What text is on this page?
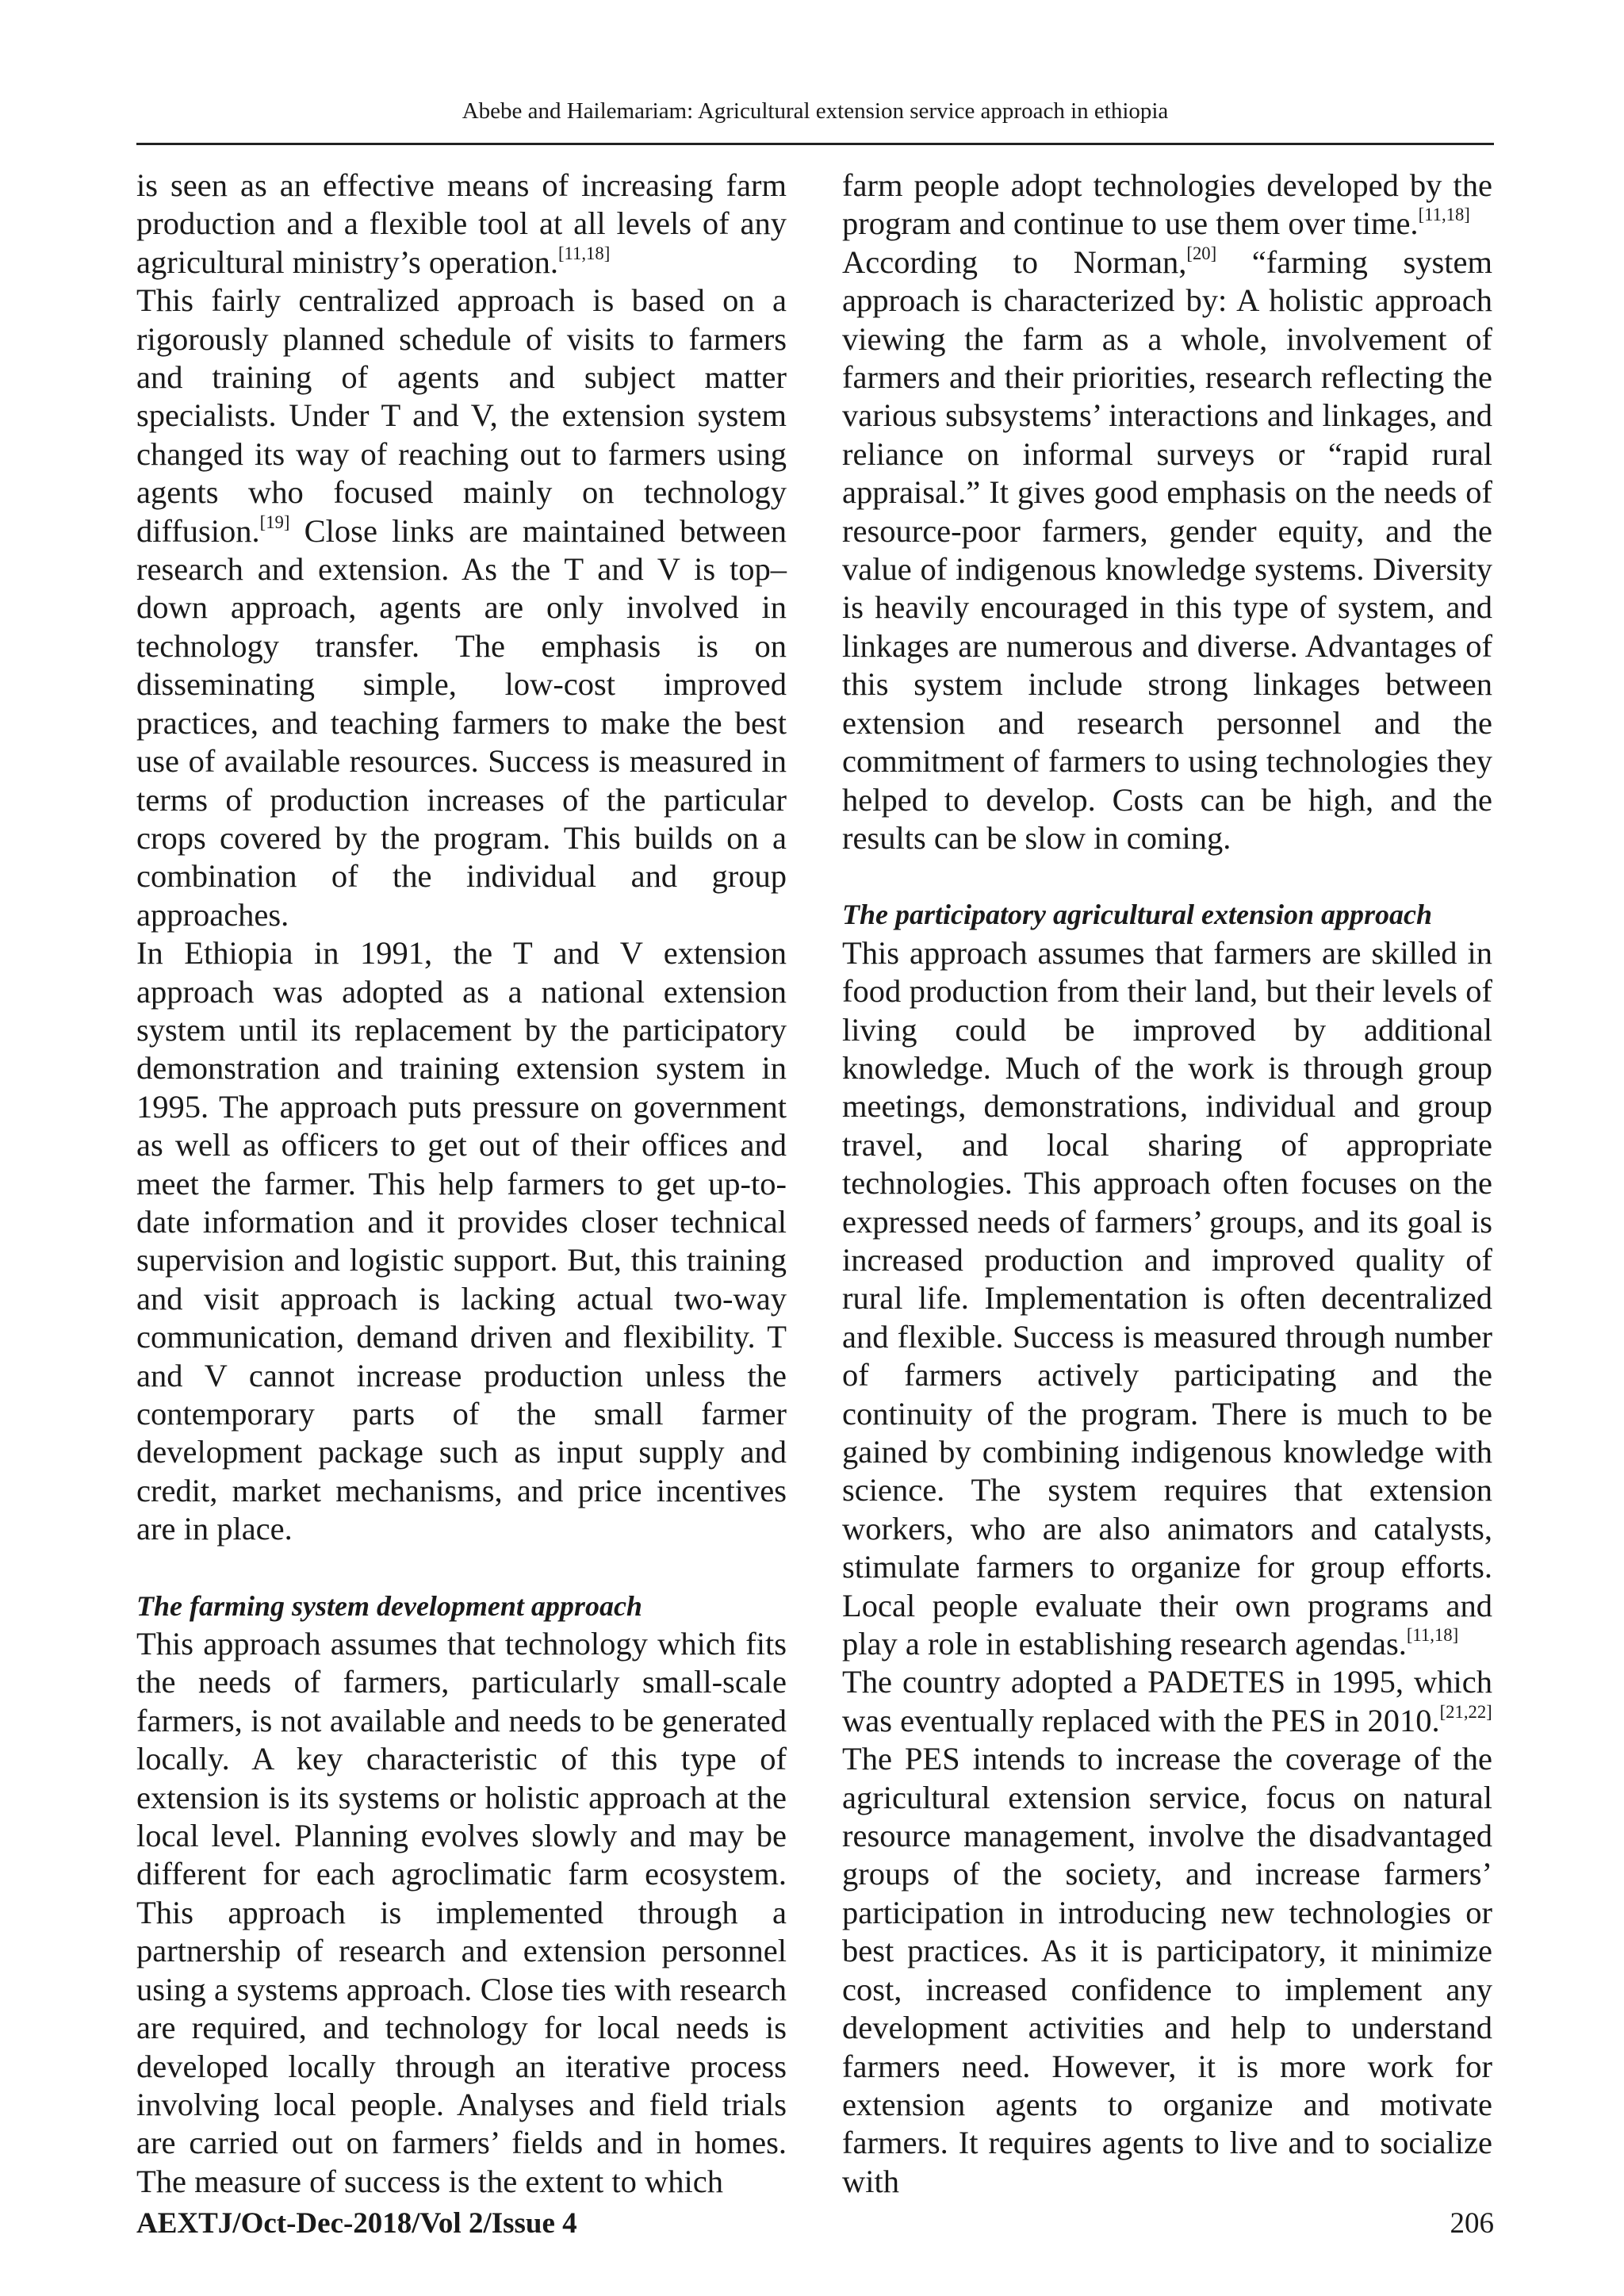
Abebe and Hailemariam: Agricultural extension service approach in ethiopia

is seen as an effective means of increasing farm production and a flexible tool at all levels of any agricultural ministry’s operation.[11,18]

This fairly centralized approach is based on a rigorously planned schedule of visits to farmers and training of agents and subject matter specialists. Under T and V, the extension system changed its way of reaching out to farmers using agents who focused mainly on technology diffusion.[19] Close links are maintained between research and extension. As the T and V is top–down approach, agents are only involved in technology transfer. The emphasis is on disseminating simple, low-cost improved practices, and teaching farmers to make the best use of available resources. Success is measured in terms of production increases of the particular crops covered by the program. This builds on a combination of the individual and group approaches.

In Ethiopia in 1991, the T and V extension approach was adopted as a national extension system until its replacement by the participatory demonstration and training extension system in 1995. The approach puts pressure on government as well as officers to get out of their offices and meet the farmer. This help farmers to get up-to-date information and it provides closer technical supervision and logistic support. But, this training and visit approach is lacking actual two-way communication, demand driven and flexibility. T and V cannot increase production unless the contemporary parts of the small farmer development package such as input supply and credit, market mechanisms, and price incentives are in place.

The farming system development approach

This approach assumes that technology which fits the needs of farmers, particularly small-scale farmers, is not available and needs to be generated locally. A key characteristic of this type of extension is its systems or holistic approach at the local level. Planning evolves slowly and may be different for each agroclimatic farm ecosystem. This approach is implemented through a partnership of research and extension personnel using a systems approach. Close ties with research are required, and technology for local needs is developed locally through an iterative process involving local people. Analyses and field trials are carried out on farmers’ fields and in homes. The measure of success is the extent to which

farm people adopt technologies developed by the program and continue to use them over time.[11,18]

According to Norman,[20] “farming system approach is characterized by: A holistic approach viewing the farm as a whole, involvement of farmers and their priorities, research reflecting the various subsystems’ interactions and linkages, and reliance on informal surveys or “rapid rural appraisal.” It gives good emphasis on the needs of resource-poor farmers, gender equity, and the value of indigenous knowledge systems. Diversity is heavily encouraged in this type of system, and linkages are numerous and diverse. Advantages of this system include strong linkages between extension and research personnel and the commitment of farmers to using technologies they helped to develop. Costs can be high, and the results can be slow in coming.

The participatory agricultural extension approach

This approach assumes that farmers are skilled in food production from their land, but their levels of living could be improved by additional knowledge. Much of the work is through group meetings, demonstrations, individual and group travel, and local sharing of appropriate technologies. This approach often focuses on the expressed needs of farmers’ groups, and its goal is increased production and improved quality of rural life. Implementation is often decentralized and flexible. Success is measured through number of farmers actively participating and the continuity of the program. There is much to be gained by combining indigenous knowledge with science. The system requires that extension workers, who are also animators and catalysts, stimulate farmers to organize for group efforts. Local people evaluate their own programs and play a role in establishing research agendas.[11,18]

The country adopted a PADETES in 1995, which was eventually replaced with the PES in 2010.[21,22]

The PES intends to increase the coverage of the agricultural extension service, focus on natural resource management, involve the disadvantaged groups of the society, and increase farmers’ participation in introducing new technologies or best practices. As it is participatory, it minimize cost, increased confidence to implement any development activities and help to understand farmers need. However, it is more work for extension agents to organize and motivate farmers. It requires agents to live and to socialize with

AEXTJ/Oct-Dec-2018/Vol 2/Issue 4	206
